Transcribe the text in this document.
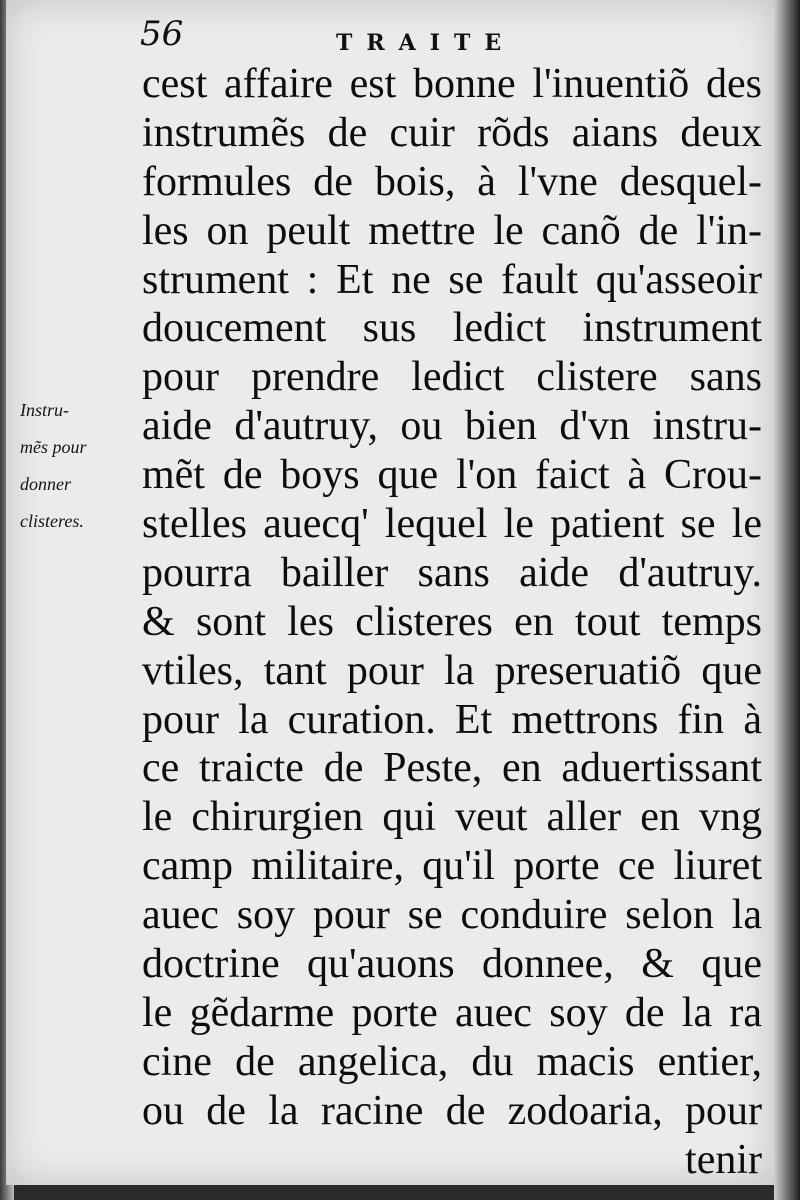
56	TRAITE
Instru-
mẽs pour
donner
clisteres.
cest affaire est bonne l'inuentiõ des
instrumẽs de cuir rõds aians deux
formules de bois, à l'vne desquel-
les on peult mettre le canõ de l'in-
strument : Et ne se fault qu'asseoir
doucement sus ledict instrument
pour prendre ledict clistere sans
aide d'autruy, ou bien d'vn instru-
mẽt de boys que l'on faict à Crou-
stelles auecq' lequel le patient se le
pourra bailler sans aide d'autruy.
& sont les clisteres en tout temps
vtiles, tant pour la preseruatiõ que
pour la curation. Et mettrons fin à
ce traicte de Peste, en aduertissant
le chirurgien qui veut aller en vng
camp militaire, qu'il porte ce liuret
auec soy pour se conduire selon la
doctrine qu'auons donnee, & que
le gẽdarme porte auec soy de la ra
cine de angelica, du macis entier,
ou de la racine de zodoaria, pour
tenir
